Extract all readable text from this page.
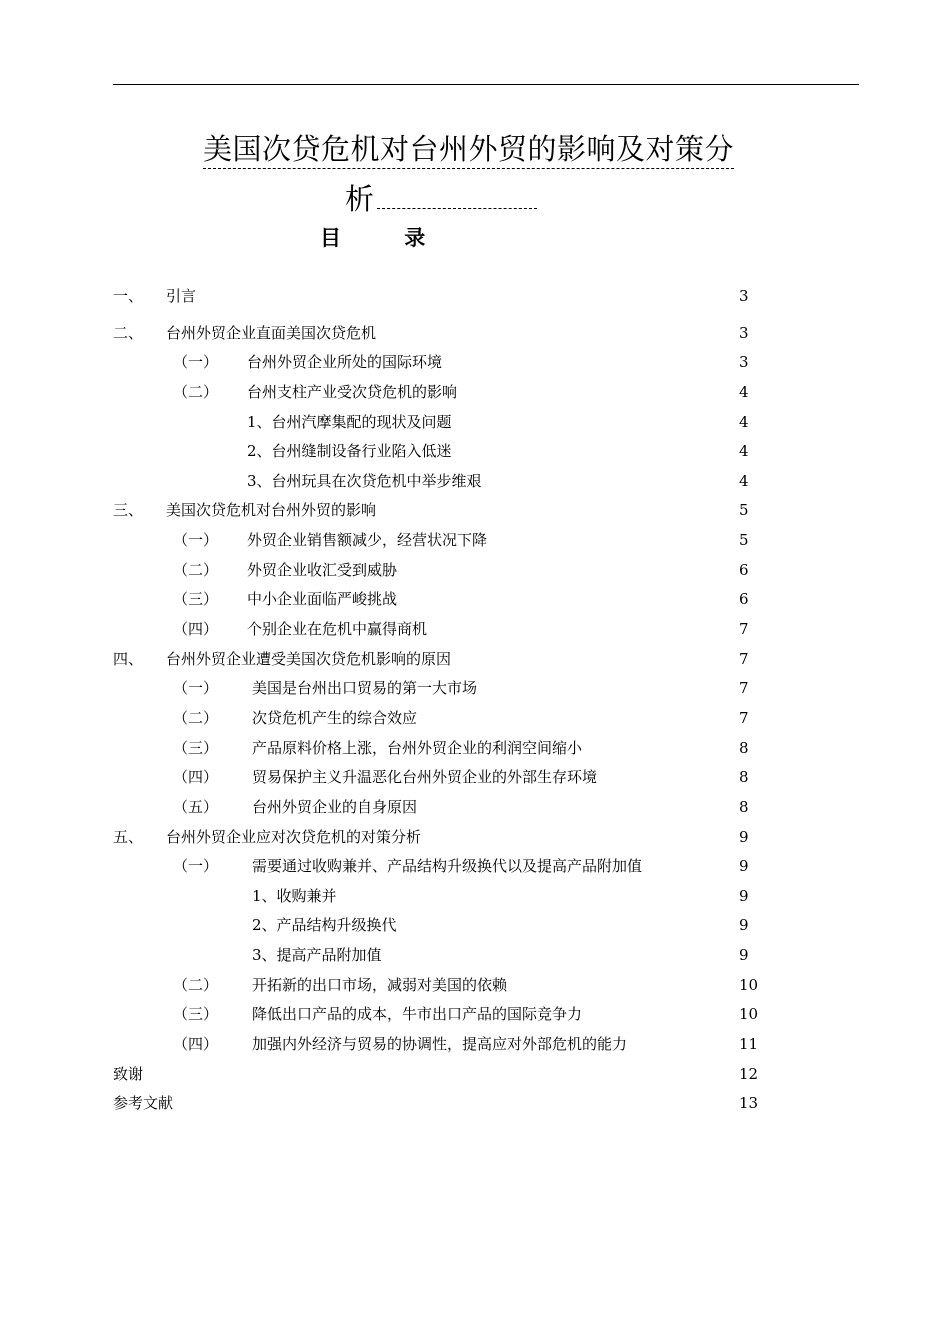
美国次贷危机对台州外贸的影响及对策分
析
目 录
一、 引言	3
二、 台州外贸企业直面美国次贷危机	3
（一） 台州外贸企业所处的国际环境	3
（二） 台州支柱产业受次贷危机的影响	4
1、台州汽摩集配的现状及问题	4
2、台州缝制设备行业陷入低迷	4
3、台州玩具在次贷危机中举步维艰	4
三、 美国次贷危机对台州外贸的影响	5
（一） 外贸企业销售额减少，经营状况下降	5
（二） 外贸企业收汇受到威胁	6
（三） 中小企业面临严峻挑战	6
（四） 个别企业在危机中赢得商机	7
四、 台州外贸企业遭受美国次贷危机影响的原因	7
（一） 美国是台州出口贸易的第一大市场	7
（二） 次贷危机产生的综合效应	7
（三） 产品原料价格上涨，台州外贸企业的利润空间缩小	8
（四） 贸易保护主义升温恶化台州外贸企业的外部生存环境	8
（五） 台州外贸企业的自身原因	8
五、 台州外贸企业应对次贷危机的对策分析	9
（一） 需要通过收购兼并、产品结构升级换代以及提高产品附加值	9
1、收购兼并	9
2、产品结构升级换代	9
3、提高产品附加值	9
（二） 开拓新的出口市场，减弱对美国的依赖	10
（三） 降低出口产品的成本，牛市出口产品的国际竞争力	10
（四） 加强内外经济与贸易的协调性，提高应对外部危机的能力	11
致谢	12
参考文献	13
